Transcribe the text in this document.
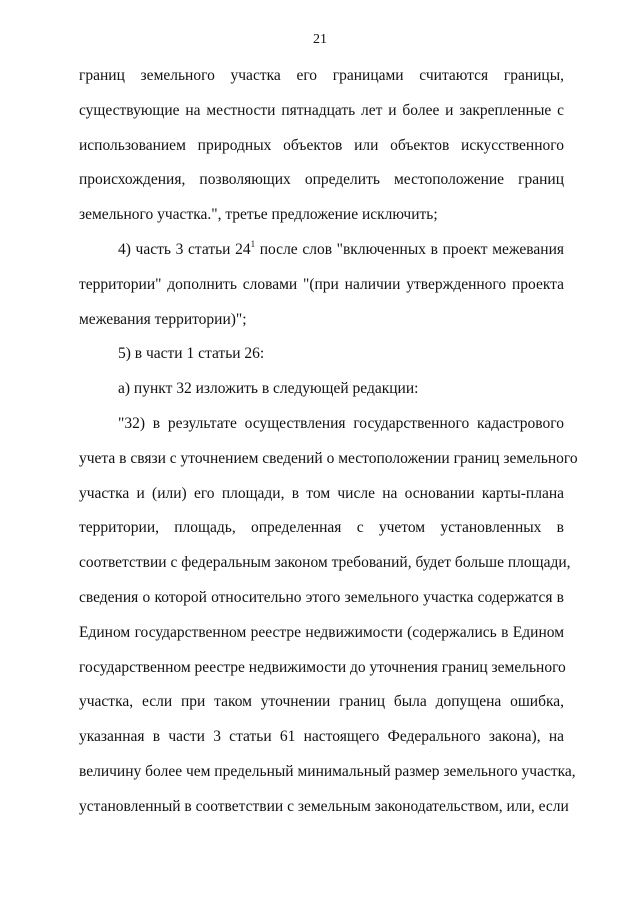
21
границ земельного участка его границами считаются границы,
существующие на местности пятнадцать лет и более и закрепленные с
использованием природных объектов или объектов искусственного
происхождения, позволяющих определить местоположение границ
земельного участка.", третье предложение исключить;
4) часть 3 статьи $24^1$ после слов "включенных в проект межевания
территории" дополнить словами "(при наличии утвержденного проекта
межевания территории)";
5) в части 1 статьи 26:
а) пункт 32 изложить в следующей редакции:
"32) в результате осуществления государственного кадастрового
учета в связи с уточнением сведений о местоположении границ земельного
участка и (или) его площади, в том числе на основании карты-плана
территории, площадь, определенная с учетом установленных в
соответствии с федеральным законом требований, будет больше площади,
сведения о которой относительно этого земельного участка содержатся в
Едином государственном реестре недвижимости (содержались в Едином
государственном реестре недвижимости до уточнения границ земельного
участка, если при таком уточнении границ была допущена ошибка,
указанная в части 3 статьи 61 настоящего Федерального закона), на
величину более чем предельный минимальный размер земельного участка,
установленный в соответствии с земельным законодательством, или, если
